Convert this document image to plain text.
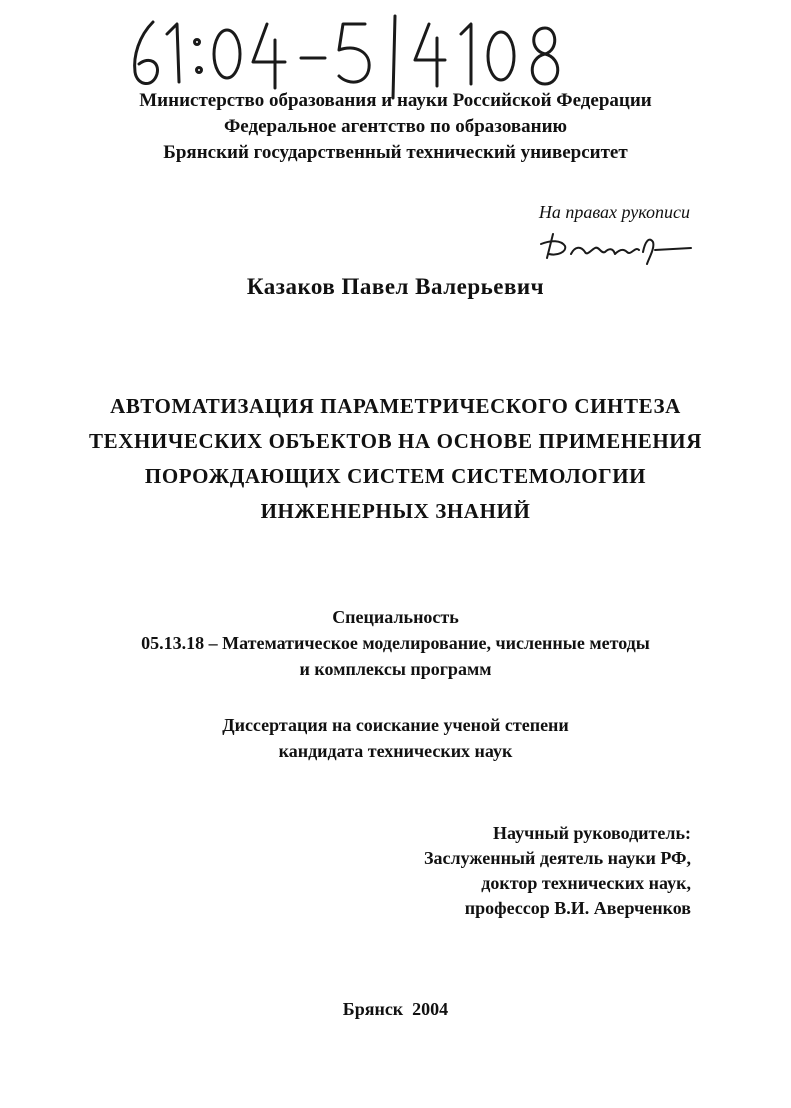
Министерство образования и науки Российской Федерации
Федеральное агентство по образованию
Брянский государственный технический университет
На правах рукописи
Казаков Павел Валерьевич
АВТОМАТИЗАЦИЯ ПАРАМЕТРИЧЕСКОГО СИНТЕЗА
ТЕХНИЧЕСКИХ ОБЪЕКТОВ НА ОСНОВЕ ПРИМЕНЕНИЯ
ПОРОЖДАЮЩИХ СИСТЕМ СИСТЕМОЛОГИИ
ИНЖЕНЕРНЫХ ЗНАНИЙ
Специальность
05.13.18 – Математическое моделирование, численные методы
и комплексы программ
Диссертация на соискание ученой степени
кандидата технических наук
Научный руководитель:
Заслуженный деятель науки РФ,
доктор технических наук,
профессор В.И. Аверченков
Брянск  2004
